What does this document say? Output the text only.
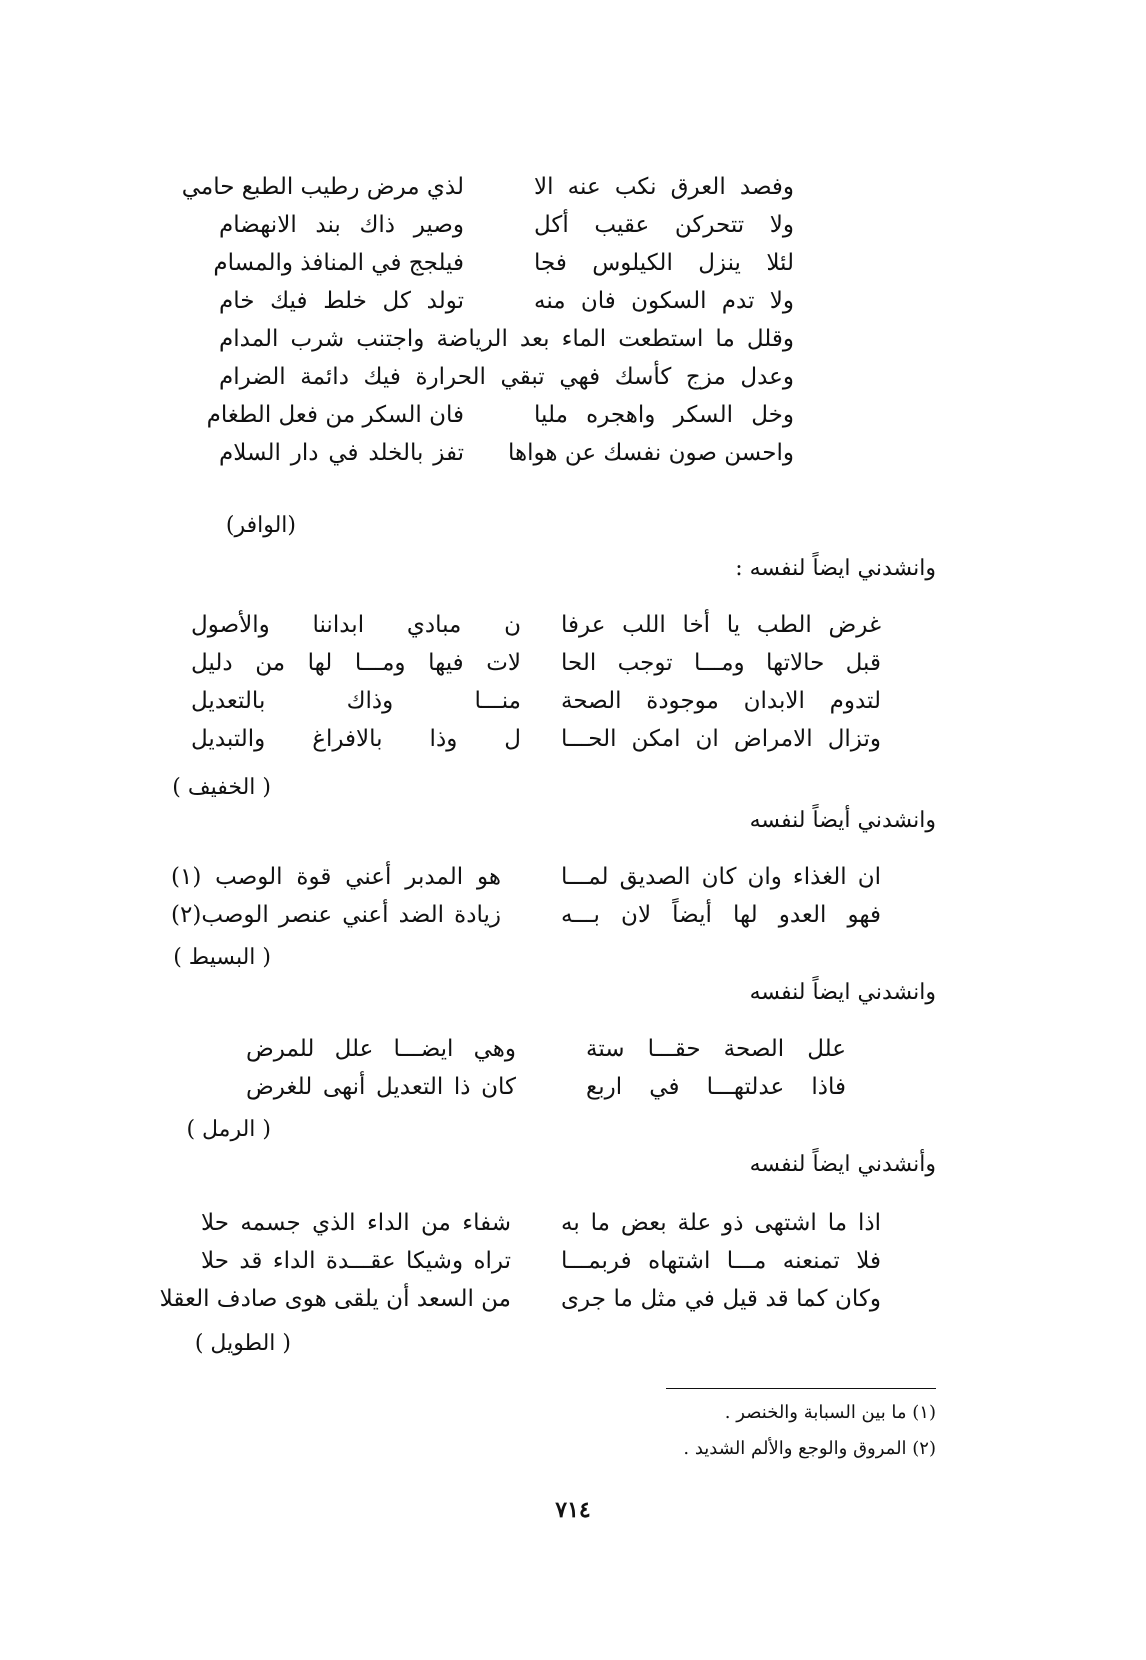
وفصد العرق نكب عنه الا
لذي مرض رطيب الطبع حامي
ولا تتحركن عقيب أكل
وصير ذاك بند الانهضام
لئلا ينزل الكيلوس فجا
فيلجج في المنافذ والمسام
ولا تدم السكون فان منه
تولد كل خلط فيك خام
وقلل ما استطعت الماء بعد الرياضة واجتنب شرب المدام
وعدل مزج كأسك فهي تبقي الحرارة فيك دائمة الضرام
وخل السكر واهجره مليا
فان السكر من فعل الطغام
واحسن صون نفسك عن هواها
تفز بالخلد في دار السلام
(الوافر)
وانشدني ايضاً لنفسه :
غرض الطب يا أخا اللب عرفا
ن مبادي ابداننا والأصول
قبل حالاتها ومـــا توجب الحا
لات فيها ومـــا لها من دليل
لتدوم الابدان موجودة الصحة
منـــا وذاك بالتعديل
وتزال الامراض ان امكن الحـــا
ل وذا بالافراغ والتبديل
( الخفيف )
وانشدني أيضاً لنفسه
ان الغذاء وان كان الصديق لمـــا
هو المدبر أعني قوة الوصب (١)
فهو العدو لها أيضاً لان بـــه
زيادة الضد أعني عنصر الوصب(٢)
( البسيط )
وانشدني ايضاً لنفسه
علل الصحة حقـــا ستة
وهي ايضـــا علل للمرض
فاذا عدلتهـــا في اربع
كان ذا التعديل أنهى للغرض
( الرمل )
وأنشدني ايضاً لنفسه
اذا ما اشتهى ذو علة بعض ما به
شفاء من الداء الذي جسمه حلا
فلا تمنعنه مـــا اشتهاه فربمـــا
تراه وشيكا عقـــدة الداء قد حلا
وكان كما قد قيل في مثل ما جرى
من السعد أن يلقى هوى صادف العقلا
( الطويل )
(١) ما بين السبابة والخنصر .
(٢) المروق والوجع والألم الشديد .
٧١٤
